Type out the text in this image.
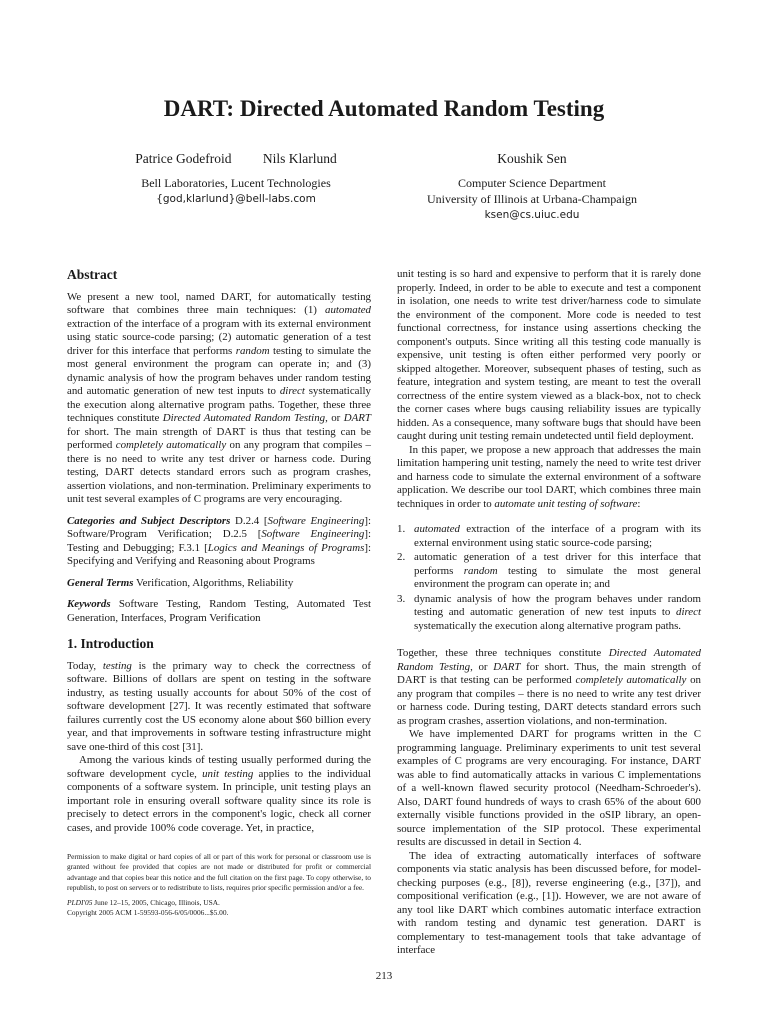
DART: Directed Automated Random Testing
Patrice Godefroid Nils Klarlund
Bell Laboratories, Lucent Technologies
{god,klarlund}@bell-labs.com
Koushik Sen
Computer Science Department
University of Illinois at Urbana-Champaign
ksen@cs.uiuc.edu
Abstract

We present a new tool, named DART, for automatically testing software that combines three main techniques: (1) automated extraction of the interface of a program with its external environment using static source-code parsing; (2) automatic generation of a test driver for this interface that performs random testing to simulate the most general environment the program can operate in; and (3) dynamic analysis of how the program behaves under random testing and automatic generation of new test inputs to direct systematically the execution along alternative program paths. Together, these three techniques constitute Directed Automated Random Testing, or DART for short. The main strength of DART is thus that testing can be performed completely automatically on any program that compiles – there is no need to write any test driver or harness code. During testing, DART detects standard errors such as program crashes, assertion violations, and non-termination. Preliminary experiments to unit test several examples of C programs are very encouraging.

Categories and Subject Descriptors D.2.4 [Software Engineering]: Software/Program Verification; D.2.5 [Software Engineering]: Testing and Debugging; F.3.1 [Logics and Meanings of Programs]: Specifying and Verifying and Reasoning about Programs

General Terms Verification, Algorithms, Reliability

Keywords Software Testing, Random Testing, Automated Test Generation, Interfaces, Program Verification

1. Introduction

Today, testing is the primary way to check the correctness of software. Billions of dollars are spent on testing in the software industry, as testing usually accounts for about 50% of the cost of software development [27]. It was recently estimated that software failures currently cost the US economy alone about $60 billion every year, and that improvements in software testing infrastructure might save one-third of this cost [31].

Among the various kinds of testing usually performed during the software development cycle, unit testing applies to the individual components of a software system. In principle, unit testing plays an important role in ensuring overall software quality since its role is precisely to detect errors in the component's logic, check all corner cases, and provide 100% code coverage. Yet, in practice,

Permission to make digital or hard copies of all or part of this work for personal or classroom use is granted without fee provided that copies are not made or distributed for profit or commercial advantage and that copies bear this notice and the full citation on the first page. To copy otherwise, to republish, to post on servers or to redistribute to lists, requires prior specific permission and/or a fee.

PLDI'05 June 12–15, 2005, Chicago, Illinois, USA.

Copyright 2005 ACM 1-59593-056-6/05/0006...$5.00.

unit testing is so hard and expensive to perform that it is rarely done properly. Indeed, in order to be able to execute and test a component in isolation, one needs to write test driver/harness code to simulate the environment of the component. More code is needed to test functional correctness, for instance using assertions checking the component's outputs. Since writing all this testing code manually is expensive, unit testing is often either performed very poorly or skipped altogether. Moreover, subsequent phases of testing, such as feature, integration and system testing, are meant to test the overall correctness of the entire system viewed as a black-box, not to check the corner cases where bugs causing reliability issues are typically hidden. As a consequence, many software bugs that should have been caught during unit testing remain undetected until field deployment.

In this paper, we propose a new approach that addresses the main limitation hampering unit testing, namely the need to write test driver and harness code to simulate the external environment of a software application. We describe our tool DART, which combines three main techniques in order to automate unit testing of software:

1. automated extraction of the interface of a program with its external environment using static source-code parsing;
2. automatic generation of a test driver for this interface that performs random testing to simulate the most general environment the program can operate in; and
3. dynamic analysis of how the program behaves under random testing and automatic generation of new test inputs to direct systematically the execution along alternative program paths.

Together, these three techniques constitute Directed Automated Random Testing, or DART for short. Thus, the main strength of DART is that testing can be performed completely automatically on any program that compiles – there is no need to write any test driver or harness code. During testing, DART detects standard errors such as program crashes, assertion violations, and non-termination.

We have implemented DART for programs written in the C programming language. Preliminary experiments to unit test several examples of C programs are very encouraging. For instance, DART was able to find automatically attacks in various C implementations of a well-known flawed security protocol (Needham-Schroeder's). Also, DART found hundreds of ways to crash 65% of the about 600 externally visible functions provided in the oSIP library, an open-source implementation of the SIP protocol. These experimental results are discussed in detail in Section 4.

The idea of extracting automatically interfaces of software components via static analysis has been discussed before, for model-checking purposes (e.g., [8]), reverse engineering (e.g., [37]), and compositional verification (e.g., [1]). However, we are not aware of any tool like DART which combines automatic interface extraction with random testing and dynamic test generation. DART is complementary to test-management tools that take advantage of interface

213
